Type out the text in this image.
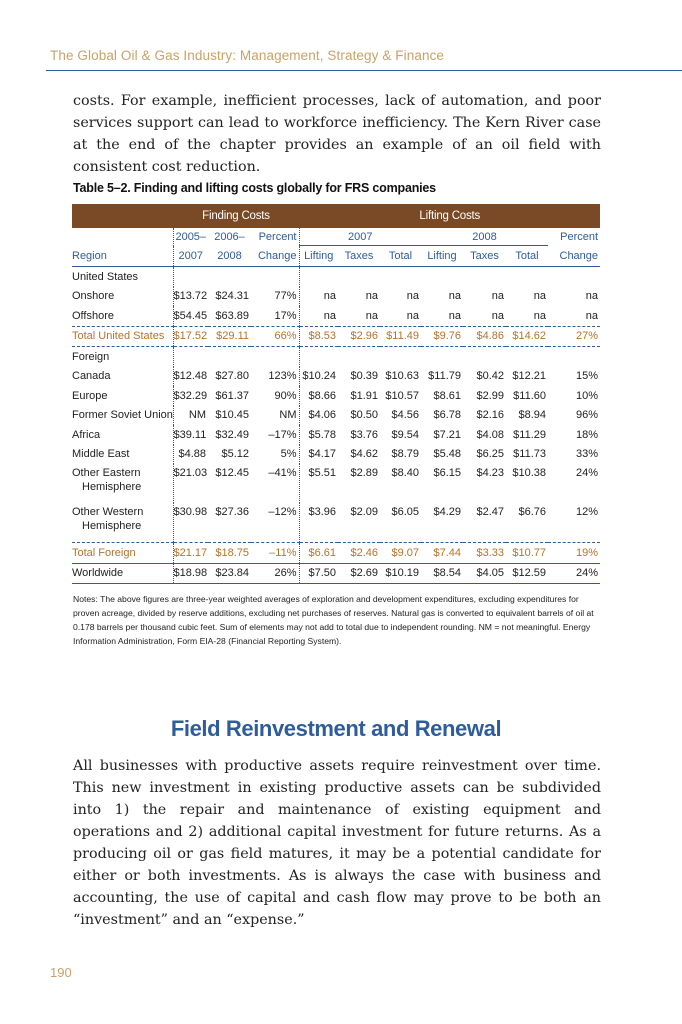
The Global Oil & Gas Industry: Management, Strategy & Finance

costs. For example, inefficient processes, lack of automation, and poor services support can lead to workforce inefficiency. The Kern River case at the end of the chapter provides an example of an oil field with consistent cost reduction.

Table 5–2. Finding and lifting costs globally for FRS companies
	Finding Costs			Lifting Costs						
	2005–	2006–	Percent	2007			2008			Percent
Region	2007	2008	Change	Lifting	Taxes	Total	Lifting	Taxes	Total	Change
United States										
Onshore	$13.72	$24.31	77%	na	na	na	na	na	na	na
Offshore	$54.45	$63.89	17%	na	na	na	na	na	na	na
Total United States	$17.52	$29.11	66%	$8.53	$2.96	$11.49	$9.76	$4.86	$14.62	27%
Foreign										
Canada	$12.48	$27.80	123%	$10.24	$0.39	$10.63	$11.79	$0.42	$12.21	15%
Europe	$32.29	$61.37	90%	$8.66	$1.91	$10.57	$8.61	$2.99	$11.60	10%
Former Soviet Union	NM	$10.45	NM	$4.06	$0.50	$4.56	$6.78	$2.16	$8.94	96%
Africa	$39.11	$32.49	–17%	$5.78	$3.76	$9.54	$7.21	$4.08	$11.29	18%
Middle East	$4.88	$5.12	5%	$4.17	$4.62	$8.79	$5.48	$6.25	$11.73	33%

Other Eastern
Hemisphere	$21.03	$12.45	–41%	$5.51	$2.89	$8.40	$6.15	$4.23	$10.38	24%

Other Western
Hemisphere	$30.98	$27.36	–12%	$3.96	$2.09	$6.05	$4.29	$2.47	$6.76	12%
Total Foreign	$21.17	$18.75	–11%	$6.61	$2.46	$9.07	$7.44	$3.33	$10.77	19%
Worldwide	$18.98	$23.84	26%	$7.50	$2.69	$10.19	$8.54	$4.05	$12.59	24%

Notes: The above figures are three-year weighted averages of exploration and development expenditures, excluding expenditures for proven acreage, divided by reserve additions, excluding net purchases of reserves. Natural gas is converted to equivalent barrels of oil at 0.178 barrels per thousand cubic feet. Sum of elements may not add to total due to independent rounding. NM = not meaningful. Energy Information Administration, Form EIA-28 (Financial Reporting System).

Field Reinvestment and Renewal

All businesses with productive assets require reinvestment over time. This new investment in existing productive assets can be subdivided into 1) the repair and maintenance of existing equipment and operations and 2) additional capital investment for future returns. As a producing oil or gas field matures, it may be a potential candidate for either or both investments. As is always the case with business and accounting, the use of capital and cash flow may prove to be both an “investment” and an “expense.”

190
